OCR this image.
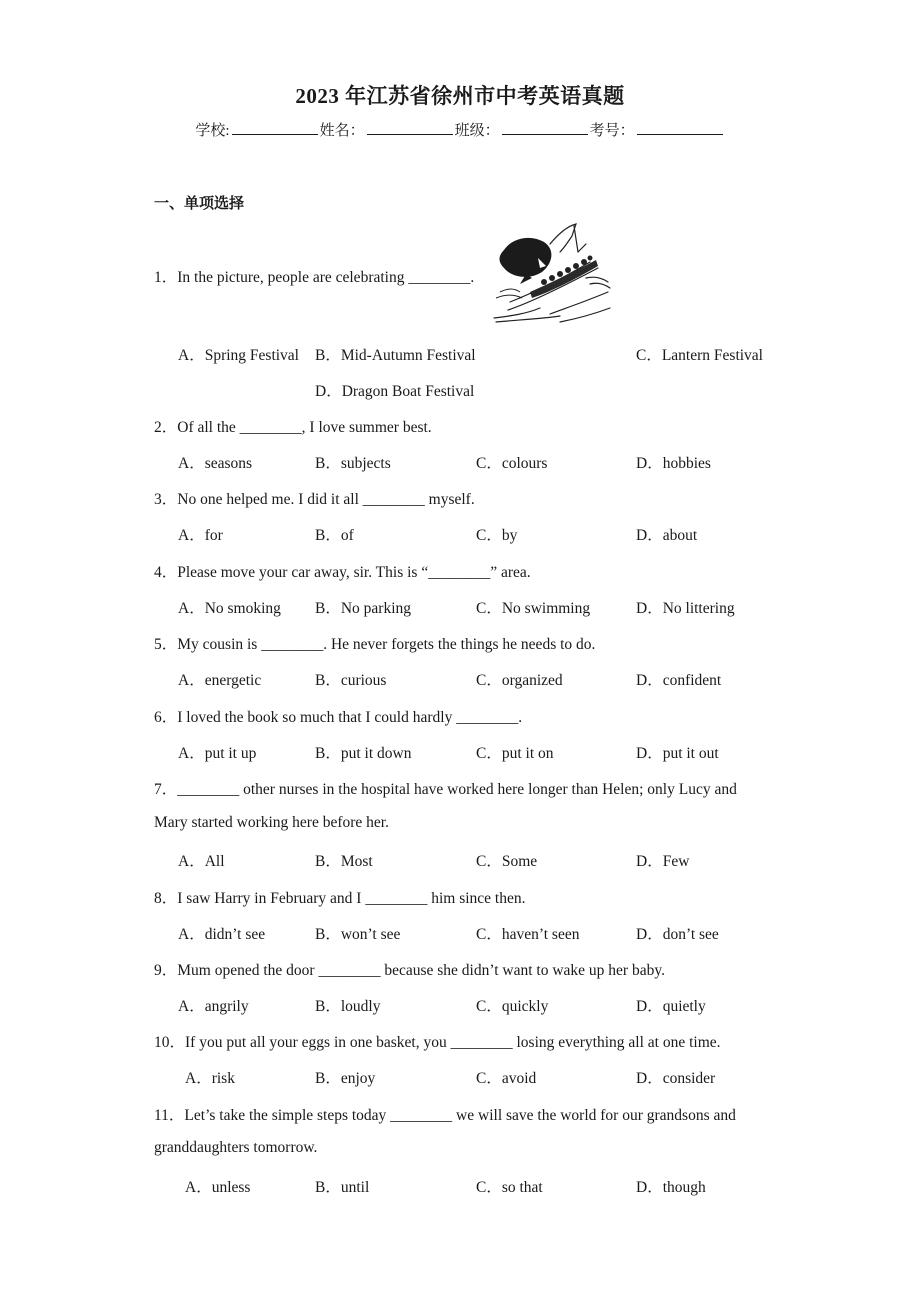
2023 年江苏省徐州市中考英语真题
学校:	姓名：	班级：	考号：
一、单项选择
1．In the picture, people are celebrating ________.
A．Spring Festival B．Mid-Autumn Festival	C．Lantern Festival
D．Dragon Boat Festival
2．Of all the ________, I love summer best.
A．seasons	B．subjects	C．colours	D．hobbies
3．No one helped me. I did it all ________ myself.
A．for	B．of	C．by	D．about
4．Please move your car away, sir. This is “________” area.
A．No smoking B．No parking	C．No swimming	D．No littering
5．My cousin is ________. He never forgets the things he needs to do.
A．energetic	B．curious	C．organized	D．confident
6．I loved the book so much that I could hardly ________.
A．put it up	B．put it down	C．put it on	D．put it out
7．________ other nurses in the hospital have worked here longer than Helen; only Lucy and
Mary started working here before her.
A．All	B．Most	C．Some	D．Few
8．I saw Harry in February and I ________ him since then.
A．didn’t see	B．won’t see	C．haven’t seen	D．don’t see
9．Mum opened the door ________ because she didn’t want to wake up her baby.
A．angrily	B．loudly	C．quickly	D．quietly
10．If you put all your eggs in one basket, you ________ losing everything all at one time.
A．risk	B．enjoy	C．avoid	D．consider
11．Let’s take the simple steps today ________ we will save the world for our grandsons and
granddaughters tomorrow.
A．unless	B．until	C．so that	D．though
